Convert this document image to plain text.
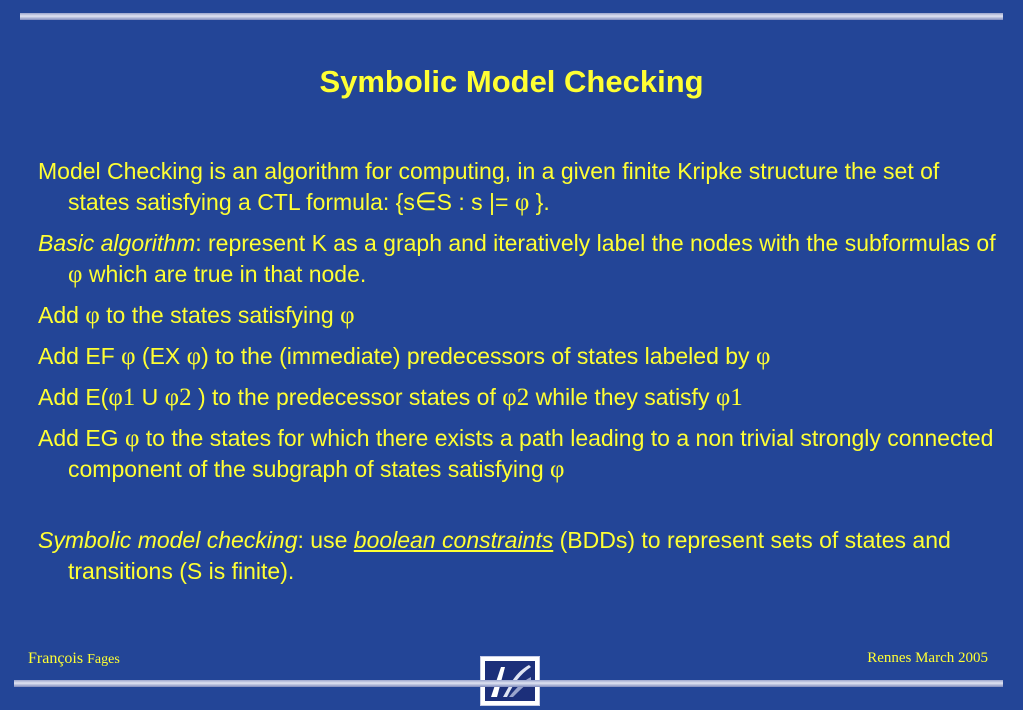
Symbolic Model Checking

Model Checking is an algorithm for computing, in a given finite Kripke structure the set of states satisfying a CTL formula: {s∈S : s |= φ }.

Basic algorithm: represent K as a graph and iteratively label the nodes with the subformulas of φ which are true in that node.

Add φ to the states satisfying φ

Add EF φ (EX φ) to the (immediate) predecessors of states labeled by φ

Add E(φ1 U φ2 ) to the predecessor states of φ2 while they satisfy φ1

Add EG φ to the states for which there exists a path leading to a non trivial strongly connected component of the subgraph of states satisfying φ

Symbolic model checking: use boolean constraints (BDDs) to represent sets of states and transitions (S is finite).

François Fages	Rennes March 2005
